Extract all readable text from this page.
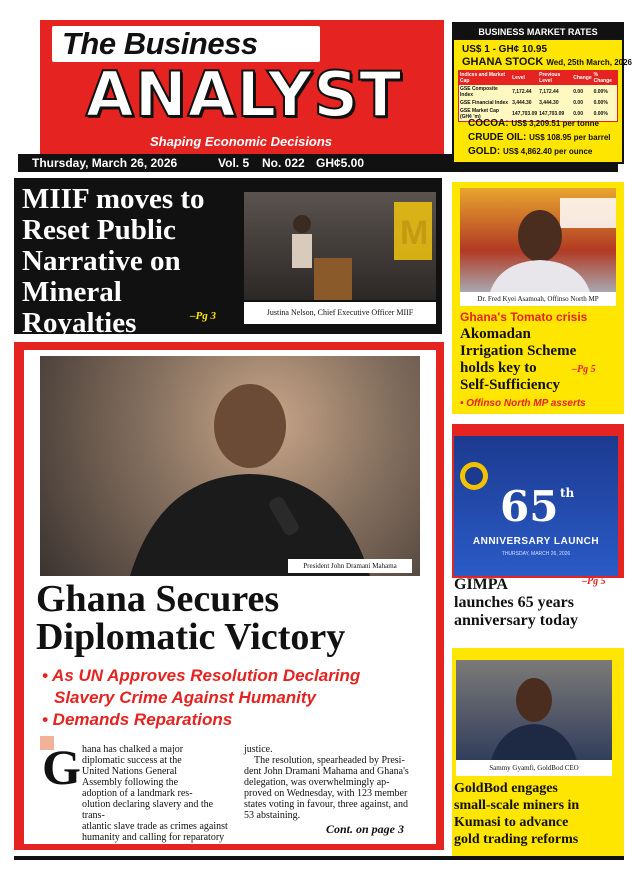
The Business
ANALYST
Shaping Economic Decisions
Thursday, March 26, 2026	Vol. 5 No. 022 GH¢5.00
BUSINESS MARKET RATES
US$ 1 - GH¢ 10.95
GHANA STOCK Wed, 25th March, 2026
Indices and Market Cap	Level	Previous Level	Change	% Change
GSE Composite Index	7,172.44	7,172.44	0.00	0.00%
GSE Financial Index	3,444.30	3,444.30	0.00	0.00%
GSE Market Cap (GH¢ 'm)	147,703.09	147,703.09	0.00	0.00%
COCOA: US$ 3,209.51 per tonne
CRUDE OIL: US$ 108.95 per barrel
GOLD: US$ 4,862.40 per ounce
MIIF moves to Reset Public Narrative on Mineral Royalties	–Pg 3
M
Justina Nelson, Chief Executive Officer MIIF
President John Dramani Mahama
Ghana Secures
Diplomatic Victory
• As UN Approves Resolution Declaring
Slavery Crime Against Humanity
• Demands Reparations
G hana has chalked a major
diplomatic success at the
United Nations General
Assembly following the
adoption of a landmark res-
olution declaring slavery and the trans-
atlantic slave trade as crimes against
humanity and calling for reparatory
justice.
The resolution, spearheaded by Presi-
dent John Dramani Mahama and Ghana's
delegation, was overwhelmingly ap-
proved on Wednesday, with 123 member
states voting in favour, three against, and
53 abstaining.
Cont. on page 3
Dr. Fred Kyei Asamoah, Offinso North MP
Ghana's Tomato crisis
Akomadan
Irrigation Scheme
holds key to
Self-Sufficiency
–Pg 5
• Offinso North MP asserts
65 th
ANNIVERSARY LAUNCH
THURSDAY, MARCH 26, 2026
GIMPA
launches 65 years
anniversary today
–Pg 5
Sammy Gyamfi, GoldBod CEO
GoldBod engages
small-scale miners in
Kumasi to advance
gold trading reforms
